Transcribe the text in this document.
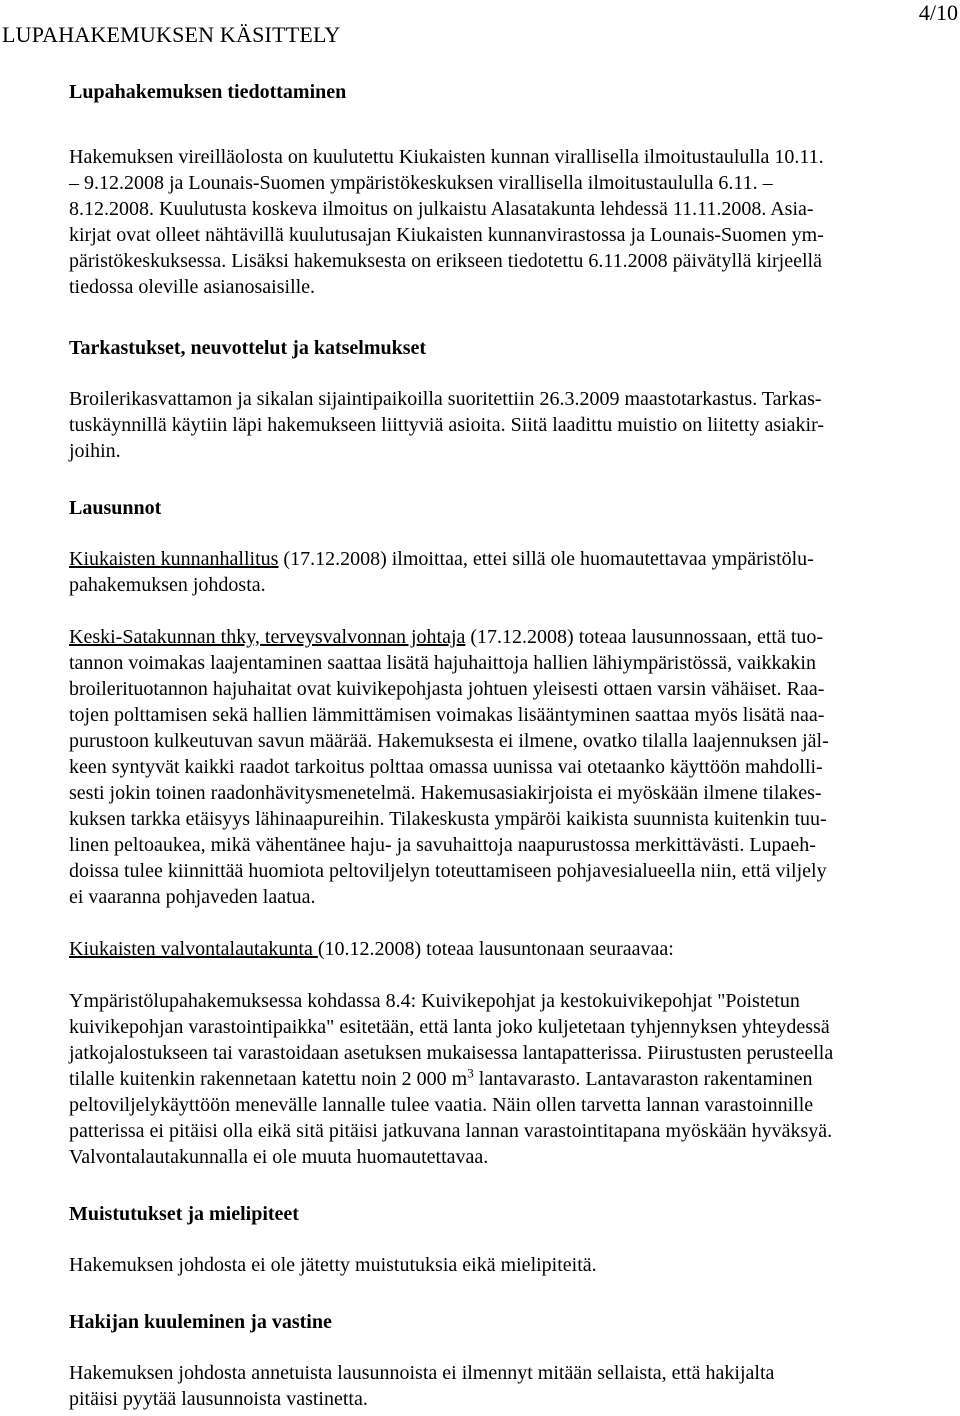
LUPAHAKEMUKSEN KÄSITTELY
4/10

Lupahakemuksen tiedottaminen

Hakemuksen vireilläolosta on kuulutettu Kiukaisten kunnan virallisella ilmoitustaululla 10.11.
– 9.12.2008 ja Lounais-Suomen ympäristökeskuksen virallisella ilmoitustaululla 6.11. –
8.12.2008. Kuulutusta koskeva ilmoitus on julkaistu Alasatakunta lehdessä 11.11.2008. Asia-
kirjat ovat olleet nähtävillä kuulutusajan Kiukaisten kunnanvirastossa ja Lounais-Suomen ym-
päristökeskuksessa. Lisäksi hakemuksesta on erikseen tiedotettu 6.11.2008 päivätyllä kirjeellä
tiedossa oleville asianosaisille.

Tarkastukset, neuvottelut ja katselmukset

Broilerikasvattamon ja sikalan sijaintipaikoilla suoritettiin 26.3.2009 maastotarkastus. Tarkas-
tuskäynnillä käytiin läpi hakemukseen liittyviä asioita. Siitä laadittu muistio on liitetty asiakir-
joihin.

Lausunnot

Kiukaisten kunnanhallitus (17.12.2008) ilmoittaa, ettei sillä ole huomautettavaa ympäristölu-
pahakemuksen johdosta.
Keski-Satakunnan thky, terveysvalvonnan johtaja (17.12.2008) toteaa lausunnossaan, että tuo-
tannon voimakas laajentaminen saattaa lisätä hajuhaittoja hallien lähiympäristössä, vaikkakin
broilerituotannon hajuhaitat ovat kuivikepohjasta johtuen yleisesti ottaen varsin vähäiset. Raa-
tojen polttamisen sekä hallien lämmittämisen voimakas lisääntyminen saattaa myös lisätä naa-
purustoon kulkeutuvan savun määrää. Hakemuksesta ei ilmene, ovatko tilalla laajennuksen jäl-
keen syntyvät kaikki raadot tarkoitus polttaa omassa uunissa vai otetaanko käyttöön mahdolli-
sesti jokin toinen raadonhävitysmenetelmä. Hakemusasiakirjoista ei myöskään ilmene tilakes-
kuksen tarkka etäisyys lähinaapureihin. Tilakeskusta ympäröi kaikista suunnista kuitenkin tuu-
linen peltoaukea, mikä vähentänee haju- ja savuhaittoja naapurustossa merkittävästi. Lupaeh-
doissa tulee kiinnittää huomiota peltoviljelyn toteuttamiseen pohjavesialueella niin, että viljely
ei vaaranna pohjaveden laatua.
Kiukaisten valvontalautakunta (10.12.2008) toteaa lausuntonaan seuraavaa:
Ympäristölupahakemuksessa kohdassa 8.4: Kuivikepohjat ja kestokuivikepohjat "Poistetun
kuivikepohjan varastointipaikka" esitetään, että lanta joko kuljetetaan tyhjennyksen yhteydessä
jatkojalostukseen tai varastoidaan asetuksen mukaisessa lantapatterissa. Piirustusten perusteella
tilalle kuitenkin rakennetaan katettu noin 2 000 $m^3$ lantavarasto. Lantavaraston rakentaminen
peltoviljelykäyttöön menevälle lannalle tulee vaatia. Näin ollen tarvetta lannan varastoinnille
patterissa ei pitäisi olla eikä sitä pitäisi jatkuvana lannan varastointitapana myöskään hyväksyä.
Valvontalautakunnalla ei ole muuta huomautettavaa.

Muistutukset ja mielipiteet

Hakemuksen johdosta ei ole jätetty muistutuksia eikä mielipiteitä.

Hakijan kuuleminen ja vastine

Hakemuksen johdosta annetuista lausunnoista ei ilmennyt mitään sellaista, että hakijalta
pitäisi pyytää lausunnoista vastinetta.
